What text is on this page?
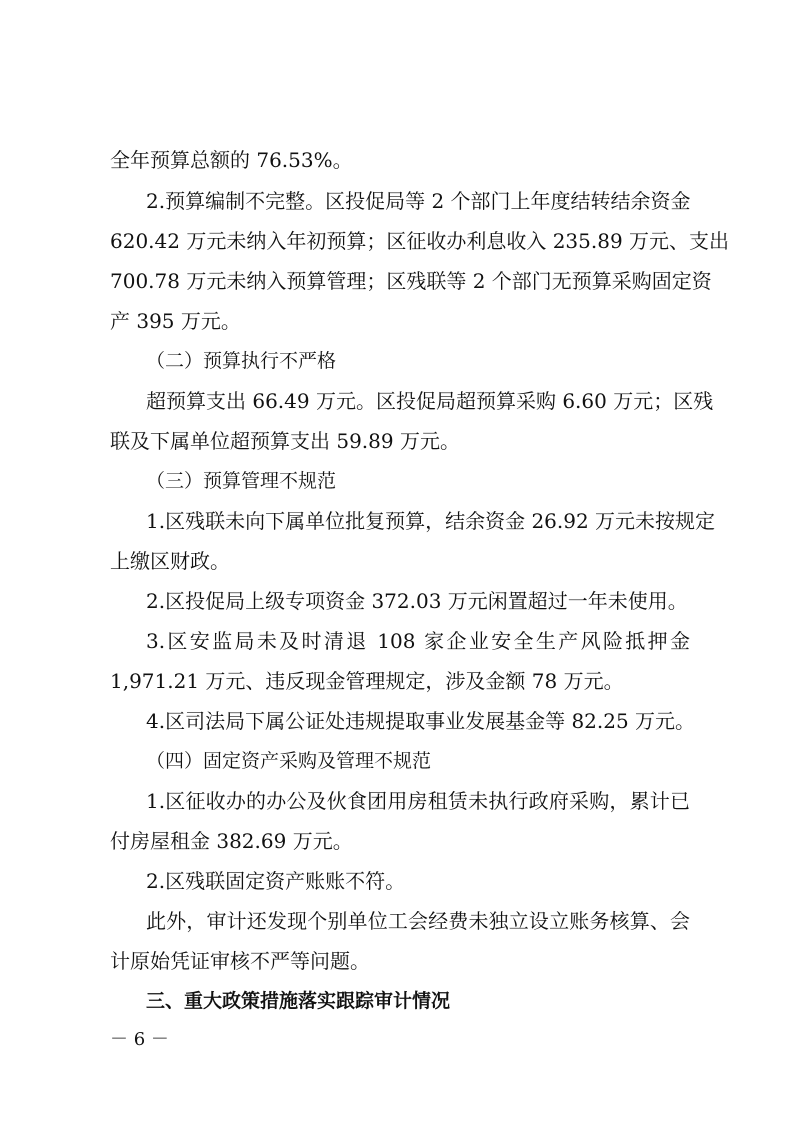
全年预算总额的 76.53%。
2.预算编制不完整。区投促局等 2 个部门上年度结转结余资金
620.42 万元未纳入年初预算；区征收办利息收入 235.89 万元、支出
700.78 万元未纳入预算管理；区残联等 2 个部门无预算采购固定资
产 395 万元。
（二）预算执行不严格
超预算支出 66.49 万元。区投促局超预算采购 6.60 万元；区残
联及下属单位超预算支出 59.89 万元。
（三）预算管理不规范
1.区残联未向下属单位批复预算，结余资金 26.92 万元未按规定
上缴区财政。
2.区投促局上级专项资金 372.03 万元闲置超过一年未使用。
3.区安监局未及时清退 108 家企业安全生产风险抵押金
1,971.21 万元、违反现金管理规定，涉及金额 78 万元。
4.区司法局下属公证处违规提取事业发展基金等 82.25 万元。
（四）固定资产采购及管理不规范
1.区征收办的办公及伙食团用房租赁未执行政府采购，累计已
付房屋租金 382.69 万元。
2.区残联固定资产账账不符。
此外，审计还发现个别单位工会经费未独立设立账务核算、会
计原始凭证审核不严等问题。
三、重大政策措施落实跟踪审计情况
－ 6 －
